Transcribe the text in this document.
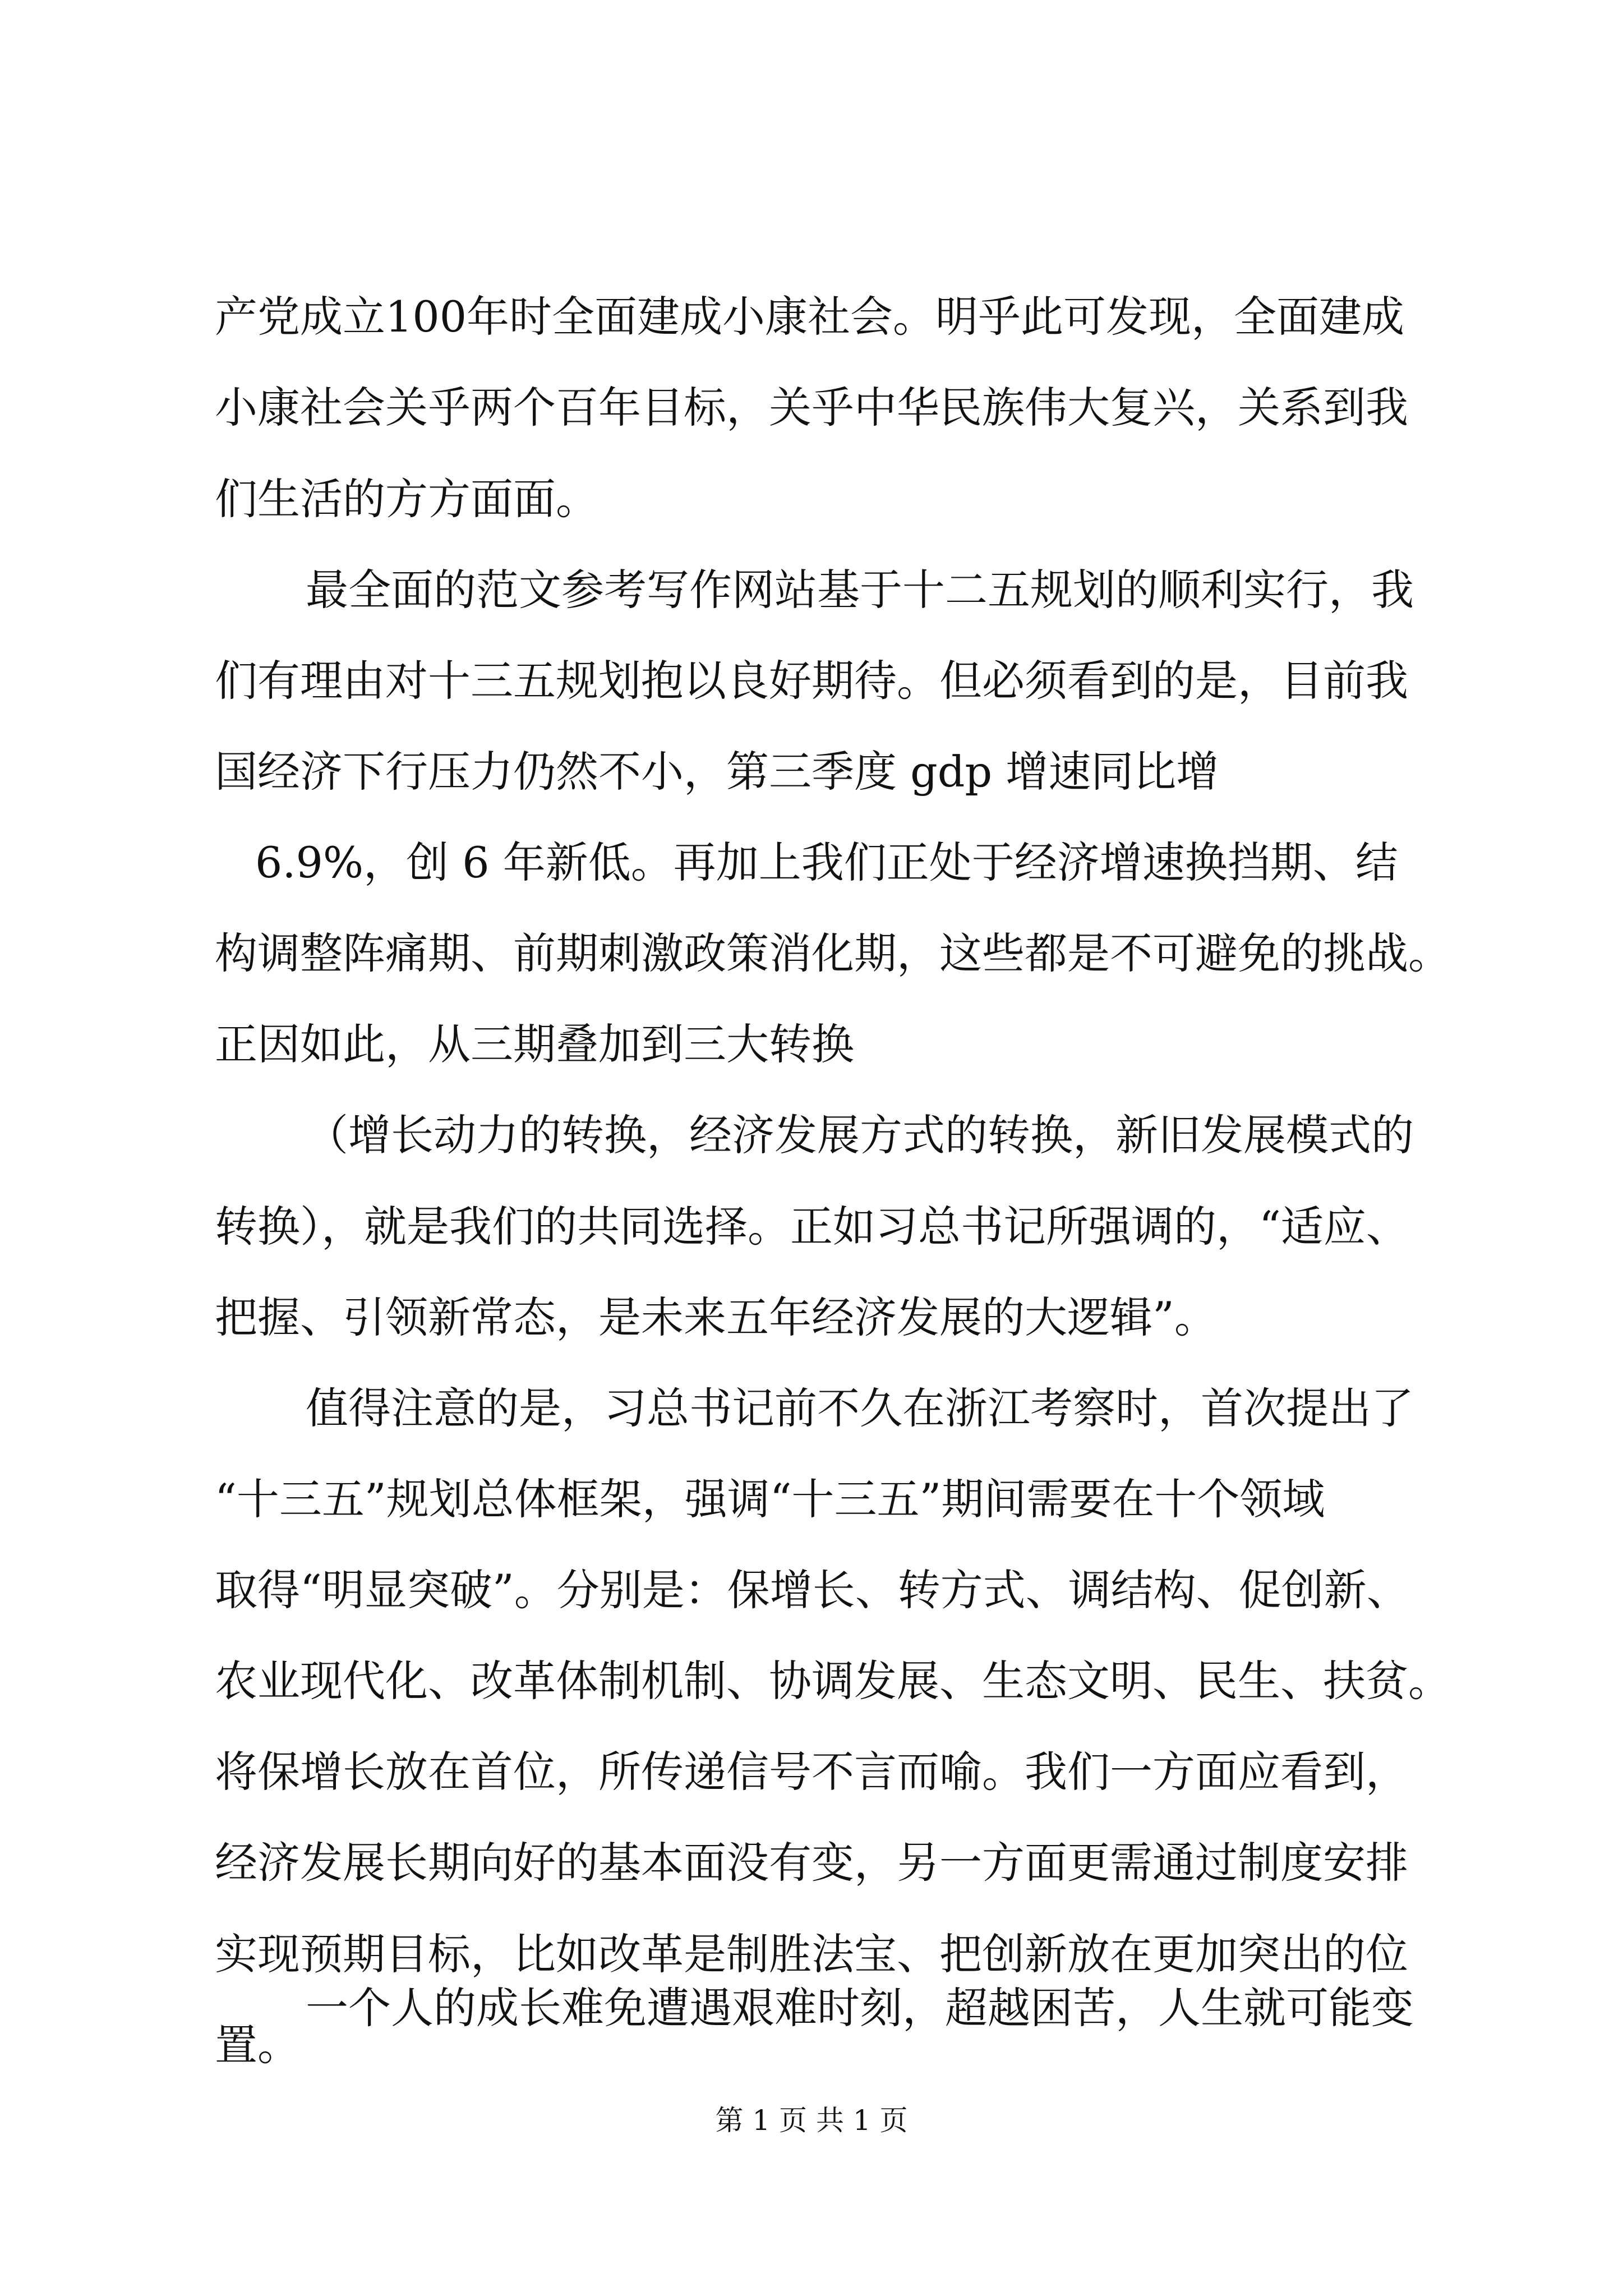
产党成立100年时全面建成小康社会。明乎此可发现，全面建成
小康社会关乎两个百年目标，关乎中华民族伟大复兴，关系到我
们生活的方方面面。
最全面的范文参考写作网站基于十二五规划的顺利实行，我
们有理由对十三五规划抱以良好期待。但必须看到的是，目前我
国经济下行压力仍然不小，第三季度 gdp 增速同比增
6.9%，创 6 年新低。再加上我们正处于经济增速换挡期、结
构调整阵痛期、前期刺激政策消化期，这些都是不可避免的挑战。
正因如此，从三期叠加到三大转换
（增长动力的转换，经济发展方式的转换，新旧发展模式的
转换），就是我们的共同选择。正如习总书记所强调的，“适应、
把握、引领新常态，是未来五年经济发展的大逻辑”。
值得注意的是，习总书记前不久在浙江考察时，首次提出了
“十三五”规划总体框架，强调“十三五”期间需要在十个领域
取得“明显突破”。分别是：保增长、转方式、调结构、促创新、
农业现代化、改革体制机制、协调发展、生态文明、民生、扶贫。
将保增长放在首位，所传递信号不言而喻。我们一方面应看到，
经济发展长期向好的基本面没有变，另一方面更需通过制度安排
实现预期目标，比如改革是制胜法宝、把创新放在更加突出的位
置。
一个人的成长难免遭遇艰难时刻，超越困苦，人生就可能变
第 1 页 共 1 页
